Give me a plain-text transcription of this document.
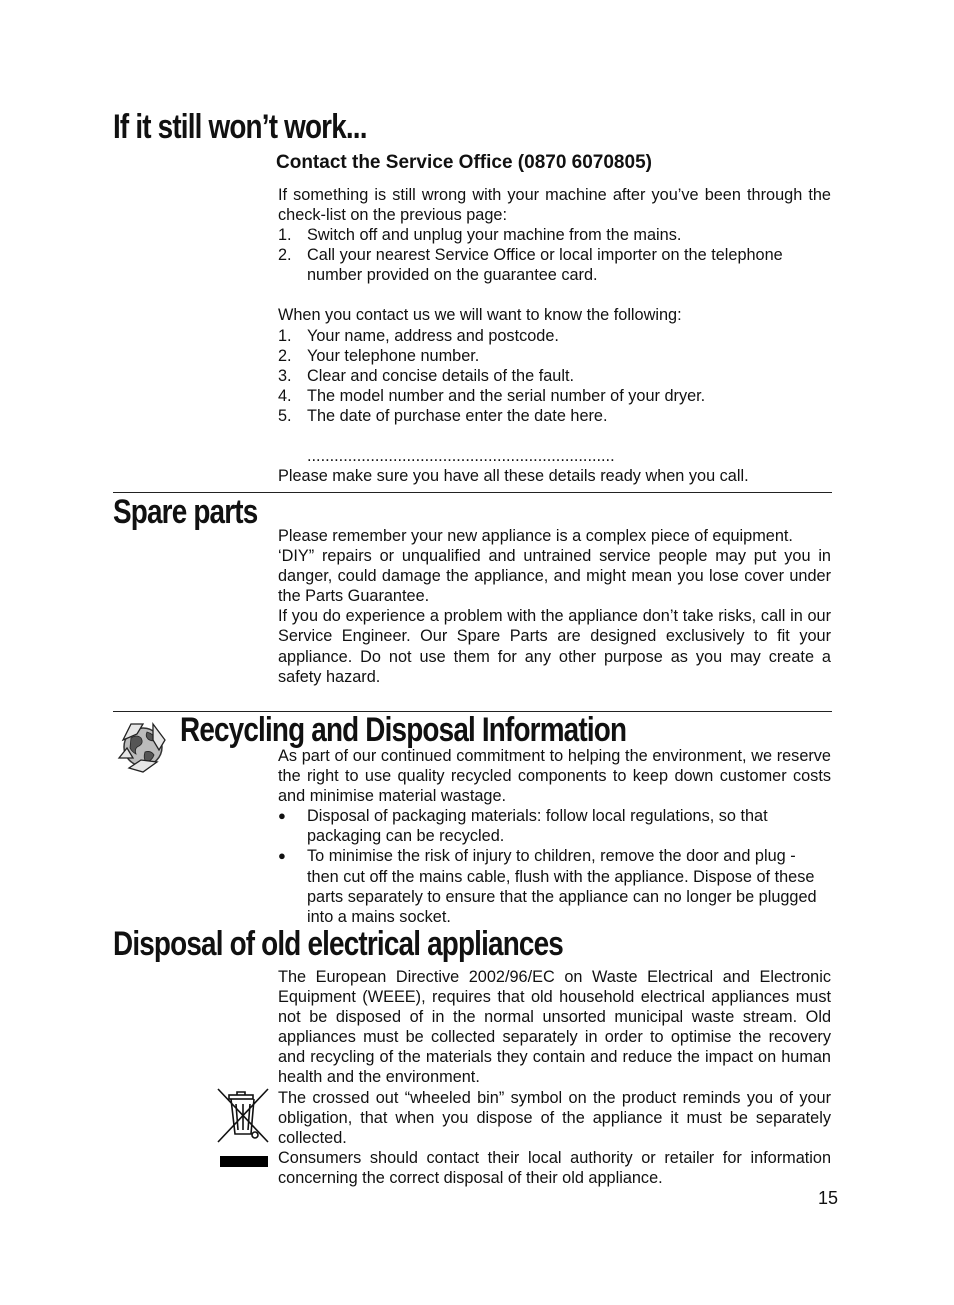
If it still won’t work...
Contact the Service Office (0870 6070805)

If something is still wrong with your machine after you’ve been through the check-list on the previous page:

1. Switch off and unplug your machine from the mains.
2. Call your nearest Service Office or local importer on the telephone number provided on the guarantee card.

When you contact us we will want to know the following:

1. Your name, address and postcode.
2. Your telephone number.
3. Clear and concise details of the fault.
4. The model number and the serial number of your dryer.
5. The date of purchase enter the date here.
....................................................................

Please make sure you have all these details ready when you call.

Spare parts

Please remember your new appliance is a complex piece of equipment.

‘DIY” repairs or unqualified and untrained service people may put you in danger, could damage the appliance, and might mean you lose cover under the Parts Guarantee.

If you do experience a problem with the appliance don’t take risks, call in our Service Engineer. Our Spare Parts are designed exclusively to fit your appliance. Do not use them for any other purpose as you may create a safety hazard.

Recycling and Disposal Information

As part of our continued commitment to helping the environment, we reserve the right to use quality recycled components to keep down customer costs and minimise material wastage.

● Disposal of packaging materials: follow local regulations, so that packaging can be recycled.
● To minimise the risk of injury to children, remove the door and plug - then cut off the mains cable, flush with the appliance. Dispose of these parts separately to ensure that the appliance can no longer be plugged into a mains socket.
Disposal of old electrical appliances

The European Directive 2002/96/EC on Waste Electrical and Electronic Equipment (WEEE), requires that old household electrical appliances must not be disposed of in the normal unsorted municipal waste stream. Old appliances must be collected separately in order to optimise the recovery and recycling of the materials they contain and reduce the impact on human health and the environment.

The crossed out “wheeled bin” symbol on the product reminds you of your obligation, that when you dispose of the appliance it must be separately collected.

Consumers should contact their local authority or retailer for information concerning the correct disposal of their old appliance.

15
